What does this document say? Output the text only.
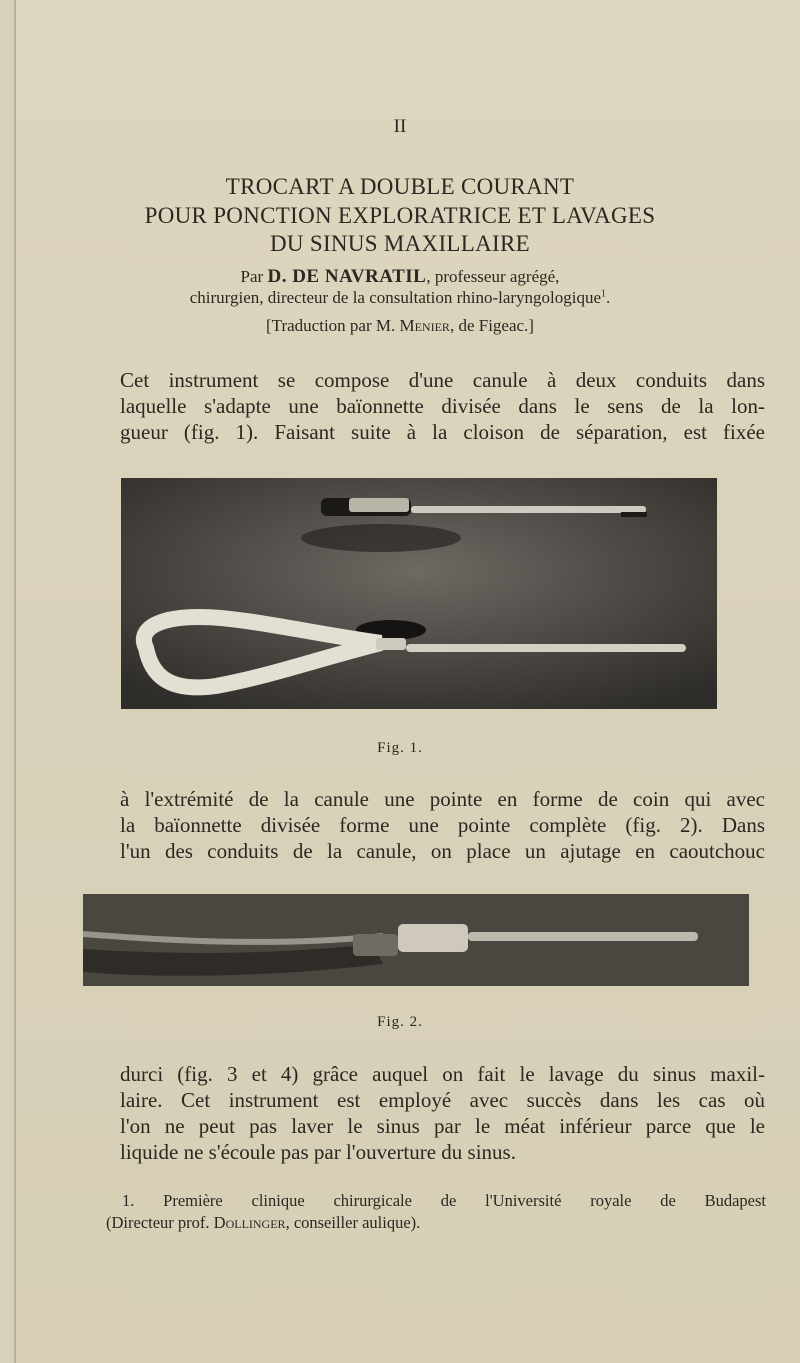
II
TROCART A DOUBLE COURANT
POUR PONCTION EXPLORATRICE ET LAVAGES
DU SINUS MAXILLAIRE
Par D. DE NAVRATIL, professeur agrégé,
chirurgien, directeur de la consultation rhino-laryngologique$^1$.
[Traduction par M. Menier, de Figeac.]
Cet instrument se compose d'une canule à deux conduits dans
laquelle s'adapte une baïonnette divisée dans le sens de la lon-
gueur (fig. 1). Faisant suite à la cloison de séparation, est fixée
Fig. 1.
à l'extrémité de la canule une pointe en forme de coin qui avec
la baïonnette divisée forme une pointe complète (fig. 2). Dans
l'un des conduits de la canule, on place un ajutage en caoutchouc
Fig. 2.
durci (fig. 3 et 4) grâce auquel on fait le lavage du sinus maxil-
laire. Cet instrument est employé avec succès dans les cas où
l'on ne peut pas laver le sinus par le méat inférieur parce que le
liquide ne s'écoule pas par l'ouverture du sinus.
1. Première clinique chirurgicale de l'Université royale de Budapest
(Directeur prof. Dollinger, conseiller aulique).
